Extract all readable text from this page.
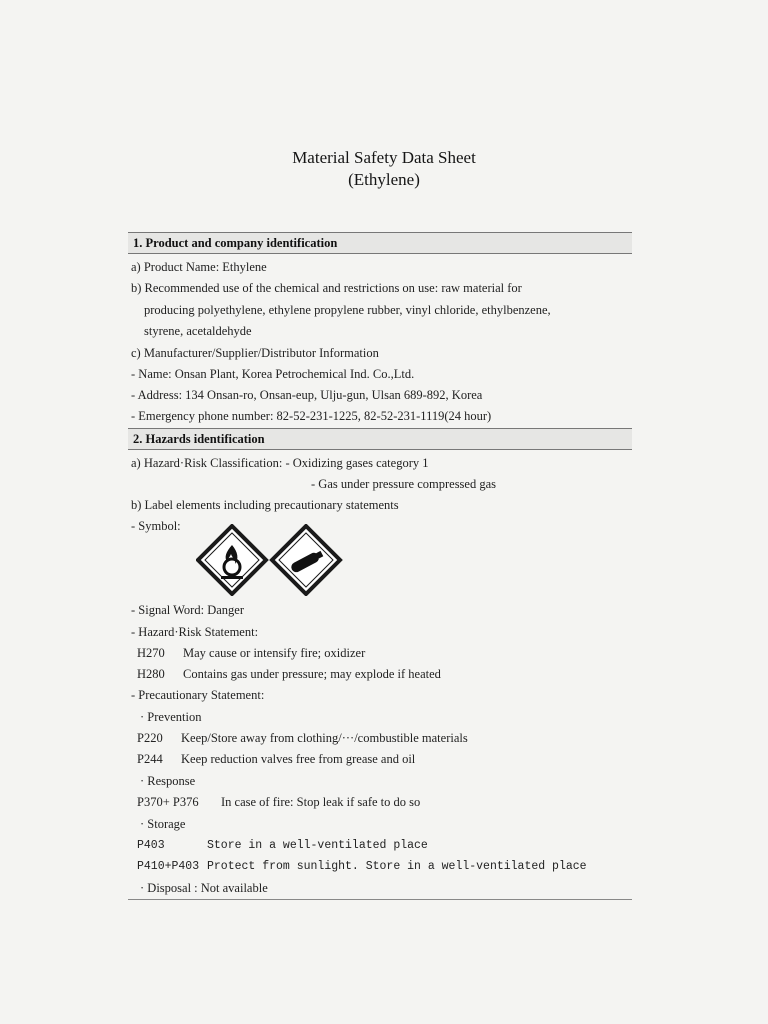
Material Safety Data Sheet
(Ethylene)
1. Product and company identification
a) Product Name: Ethylene
b) Recommended use of the chemical and restrictions on use: raw material for
producing polyethylene, ethylene propylene rubber, vinyl chloride, ethylbenzene,
styrene, acetaldehyde
c) Manufacturer/Supplier/Distributor Information
- Name: Onsan Plant, Korea Petrochemical Ind. Co.,Ltd.
- Address: 134 Onsan-ro, Onsan-eup, Ulju-gun, Ulsan 689-892, Korea
- Emergency phone number: 82-52-231-1225, 82-52-231-1119(24 hour)
2. Hazards identification
a) Hazard·Risk Classification: - Oxidizing gases category 1
- Gas under pressure compressed gas
b) Label elements including precautionary statements
- Symbol:
- Signal Word: Danger
- Hazard·Risk Statement:
H270 May cause or intensify fire; oxidizer
H280 Contains gas under pressure; may explode if heated
- Precautionary Statement:
· Prevention
P220 Keep/Store away from clothing/···/combustible materials
P244 Keep reduction valves free from grease and oil
· Response
P370+ P376 In case of fire: Stop leak if safe to do so
· Storage
P403	Store in a well-ventilated place
P410+P403 Protect from sunlight. Store in a well-ventilated place
· Disposal : Not available
